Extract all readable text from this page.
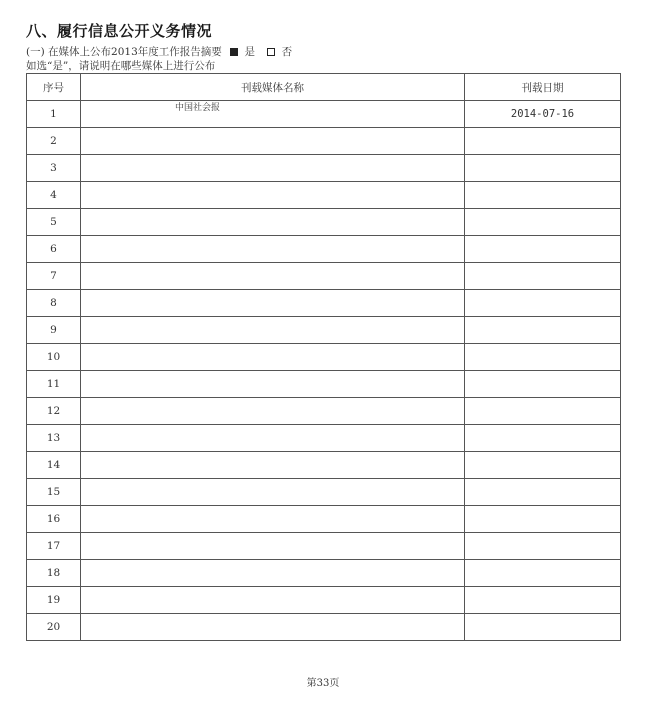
八、履行信息公开义务情况
(一) 在媒体上公布2013年度工作报告摘要 是	否
如选“是”，请说明在哪些媒体上进行公布
序号	刊载媒体名称	刊载日期
1	中国社会报	2014-07-16
2		
3		
4		
5		
6		
7		
8		
9		
10		
11		
12		
13		
14		
15		
16		
17		
18		
19		
20		
第33页
